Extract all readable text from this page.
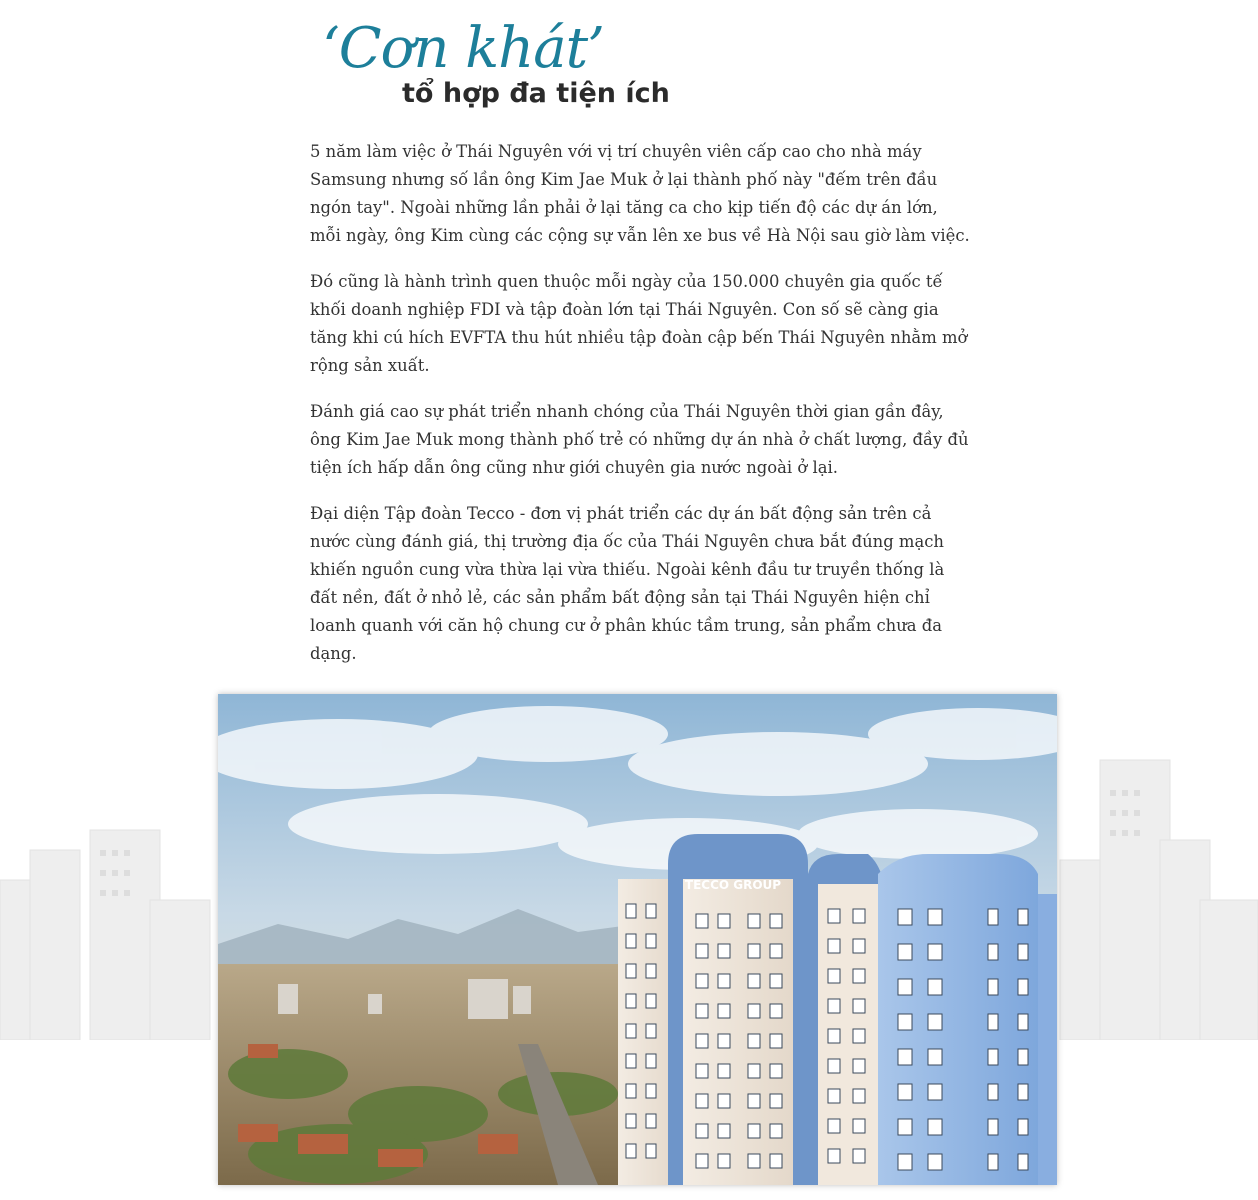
‘Cơn khát’
tổ hợp đa tiện ích

5 năm làm việc ở Thái Nguyên với vị trí chuyên viên cấp cao cho nhà máy Samsung nhưng số lần ông Kim Jae Muk ở lại thành phố này "đếm trên đầu ngón tay". Ngoài những lần phải ở lại tăng ca cho kịp tiến độ các dự án lớn, mỗi ngày, ông Kim cùng các cộng sự vẫn lên xe bus về Hà Nội sau giờ làm việc.

Đó cũng là hành trình quen thuộc mỗi ngày của 150.000 chuyên gia quốc tế khối doanh nghiệp FDI và tập đoàn lớn tại Thái Nguyên. Con số sẽ càng gia tăng khi cú hích EVFTA thu hút nhiều tập đoàn cập bến Thái Nguyên nhằm mở rộng sản xuất.

Đánh giá cao sự phát triển nhanh chóng của Thái Nguyên thời gian gần đây, ông Kim Jae Muk mong thành phố trẻ có những dự án nhà ở chất lượng, đầy đủ tiện ích hấp dẫn ông cũng như giới chuyên gia nước ngoài ở lại.

Đại diện Tập đoàn Tecco - đơn vị phát triển các dự án bất động sản trên cả nước cùng đánh giá, thị trường địa ốc của Thái Nguyên chưa bắt đúng mạch khiến nguồn cung vừa thừa lại vừa thiếu. Ngoài kênh đầu tư truyền thống là đất nền, đất ở nhỏ lẻ, các sản phẩm bất động sản tại Thái Nguyên hiện chỉ loanh quanh với căn hộ chung cư ở phân khúc tầm trung, sản phẩm chưa đa dạng.

TECCO GROUP
